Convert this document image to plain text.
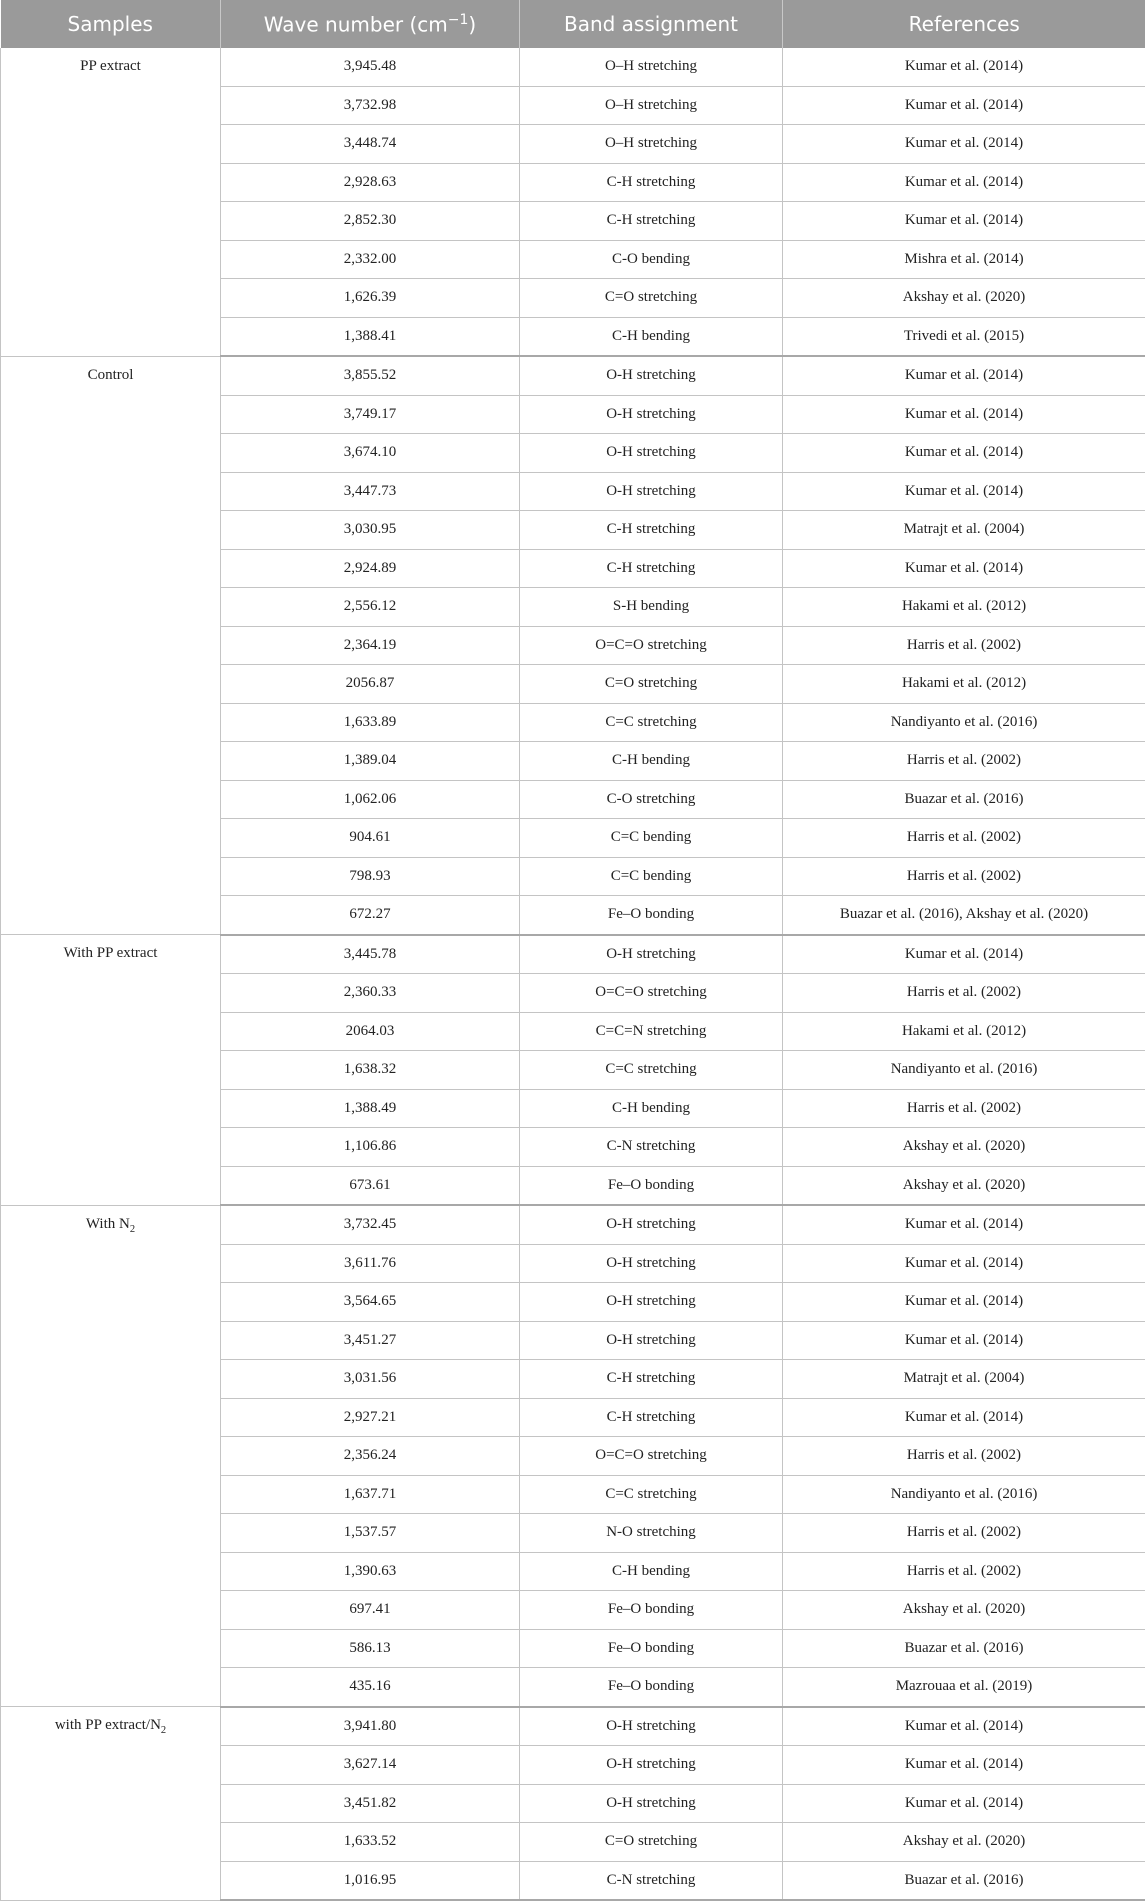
Samples	Wave number $(cm^{-1})$	Band assignment	References
PP extract	3,945.48	O–H stretching	Kumar et al. (2014)
	3,732.98	O–H stretching	Kumar et al. (2014)
	3,448.74	O–H stretching	Kumar et al. (2014)
	2,928.63	C-H stretching	Kumar et al. (2014)
	2,852.30	C-H stretching	Kumar et al. (2014)
	2,332.00	C-O bending	Mishra et al. (2014)
	1,626.39	C=O stretching	Akshay et al. (2020)
	1,388.41	C-H bending	Trivedi et al. (2015)
Control	3,855.52	O-H stretching	Kumar et al. (2014)
	3,749.17	O-H stretching	Kumar et al. (2014)
	3,674.10	O-H stretching	Kumar et al. (2014)
	3,447.73	O-H stretching	Kumar et al. (2014)
	3,030.95	C-H stretching	Matrajt et al. (2004)
	2,924.89	C-H stretching	Kumar et al. (2014)
	2,556.12	S-H bending	Hakami et al. (2012)
	2,364.19	O=C=O stretching	Harris et al. (2002)
	2056.87	C=O stretching	Hakami et al. (2012)
	1,633.89	C=C stretching	Nandiyanto et al. (2016)
	1,389.04	C-H bending	Harris et al. (2002)
	1,062.06	C-O stretching	Buazar et al. (2016)
	904.61	C=C bending	Harris et al. (2002)
	798.93	C=C bending	Harris et al. (2002)
	672.27	Fe–O bonding	Buazar et al. (2016), Akshay et al. (2020)
With PP extract	3,445.78	O-H stretching	Kumar et al. (2014)
	2,360.33	O=C=O stretching	Harris et al. (2002)
	2064.03	C=C=N stretching	Hakami et al. (2012)
	1,638.32	C=C stretching	Nandiyanto et al. (2016)
	1,388.49	C-H bending	Harris et al. (2002)
	1,106.86	C-N stretching	Akshay et al. (2020)
	673.61	Fe–O bonding	Akshay et al. (2020)
With $N_2$	3,732.45	O-H stretching	Kumar et al. (2014)
	3,611.76	O-H stretching	Kumar et al. (2014)
	3,564.65	O-H stretching	Kumar et al. (2014)
	3,451.27	O-H stretching	Kumar et al. (2014)
	3,031.56	C-H stretching	Matrajt et al. (2004)
	2,927.21	C-H stretching	Kumar et al. (2014)
	2,356.24	O=C=O stretching	Harris et al. (2002)
	1,637.71	C=C stretching	Nandiyanto et al. (2016)
	1,537.57	N-O stretching	Harris et al. (2002)
	1,390.63	C-H bending	Harris et al. (2002)
	697.41	Fe–O bonding	Akshay et al. (2020)
	586.13	Fe–O bonding	Buazar et al. (2016)
	435.16	Fe–O bonding	Mazrouaa et al. (2019)
with PP extract/$N_2$	3,941.80	O-H stretching	Kumar et al. (2014)
	3,627.14	O-H stretching	Kumar et al. (2014)
	3,451.82	O-H stretching	Kumar et al. (2014)
	1,633.52	C=O stretching	Akshay et al. (2020)
	1,016.95	C-N stretching	Buazar et al. (2016)
